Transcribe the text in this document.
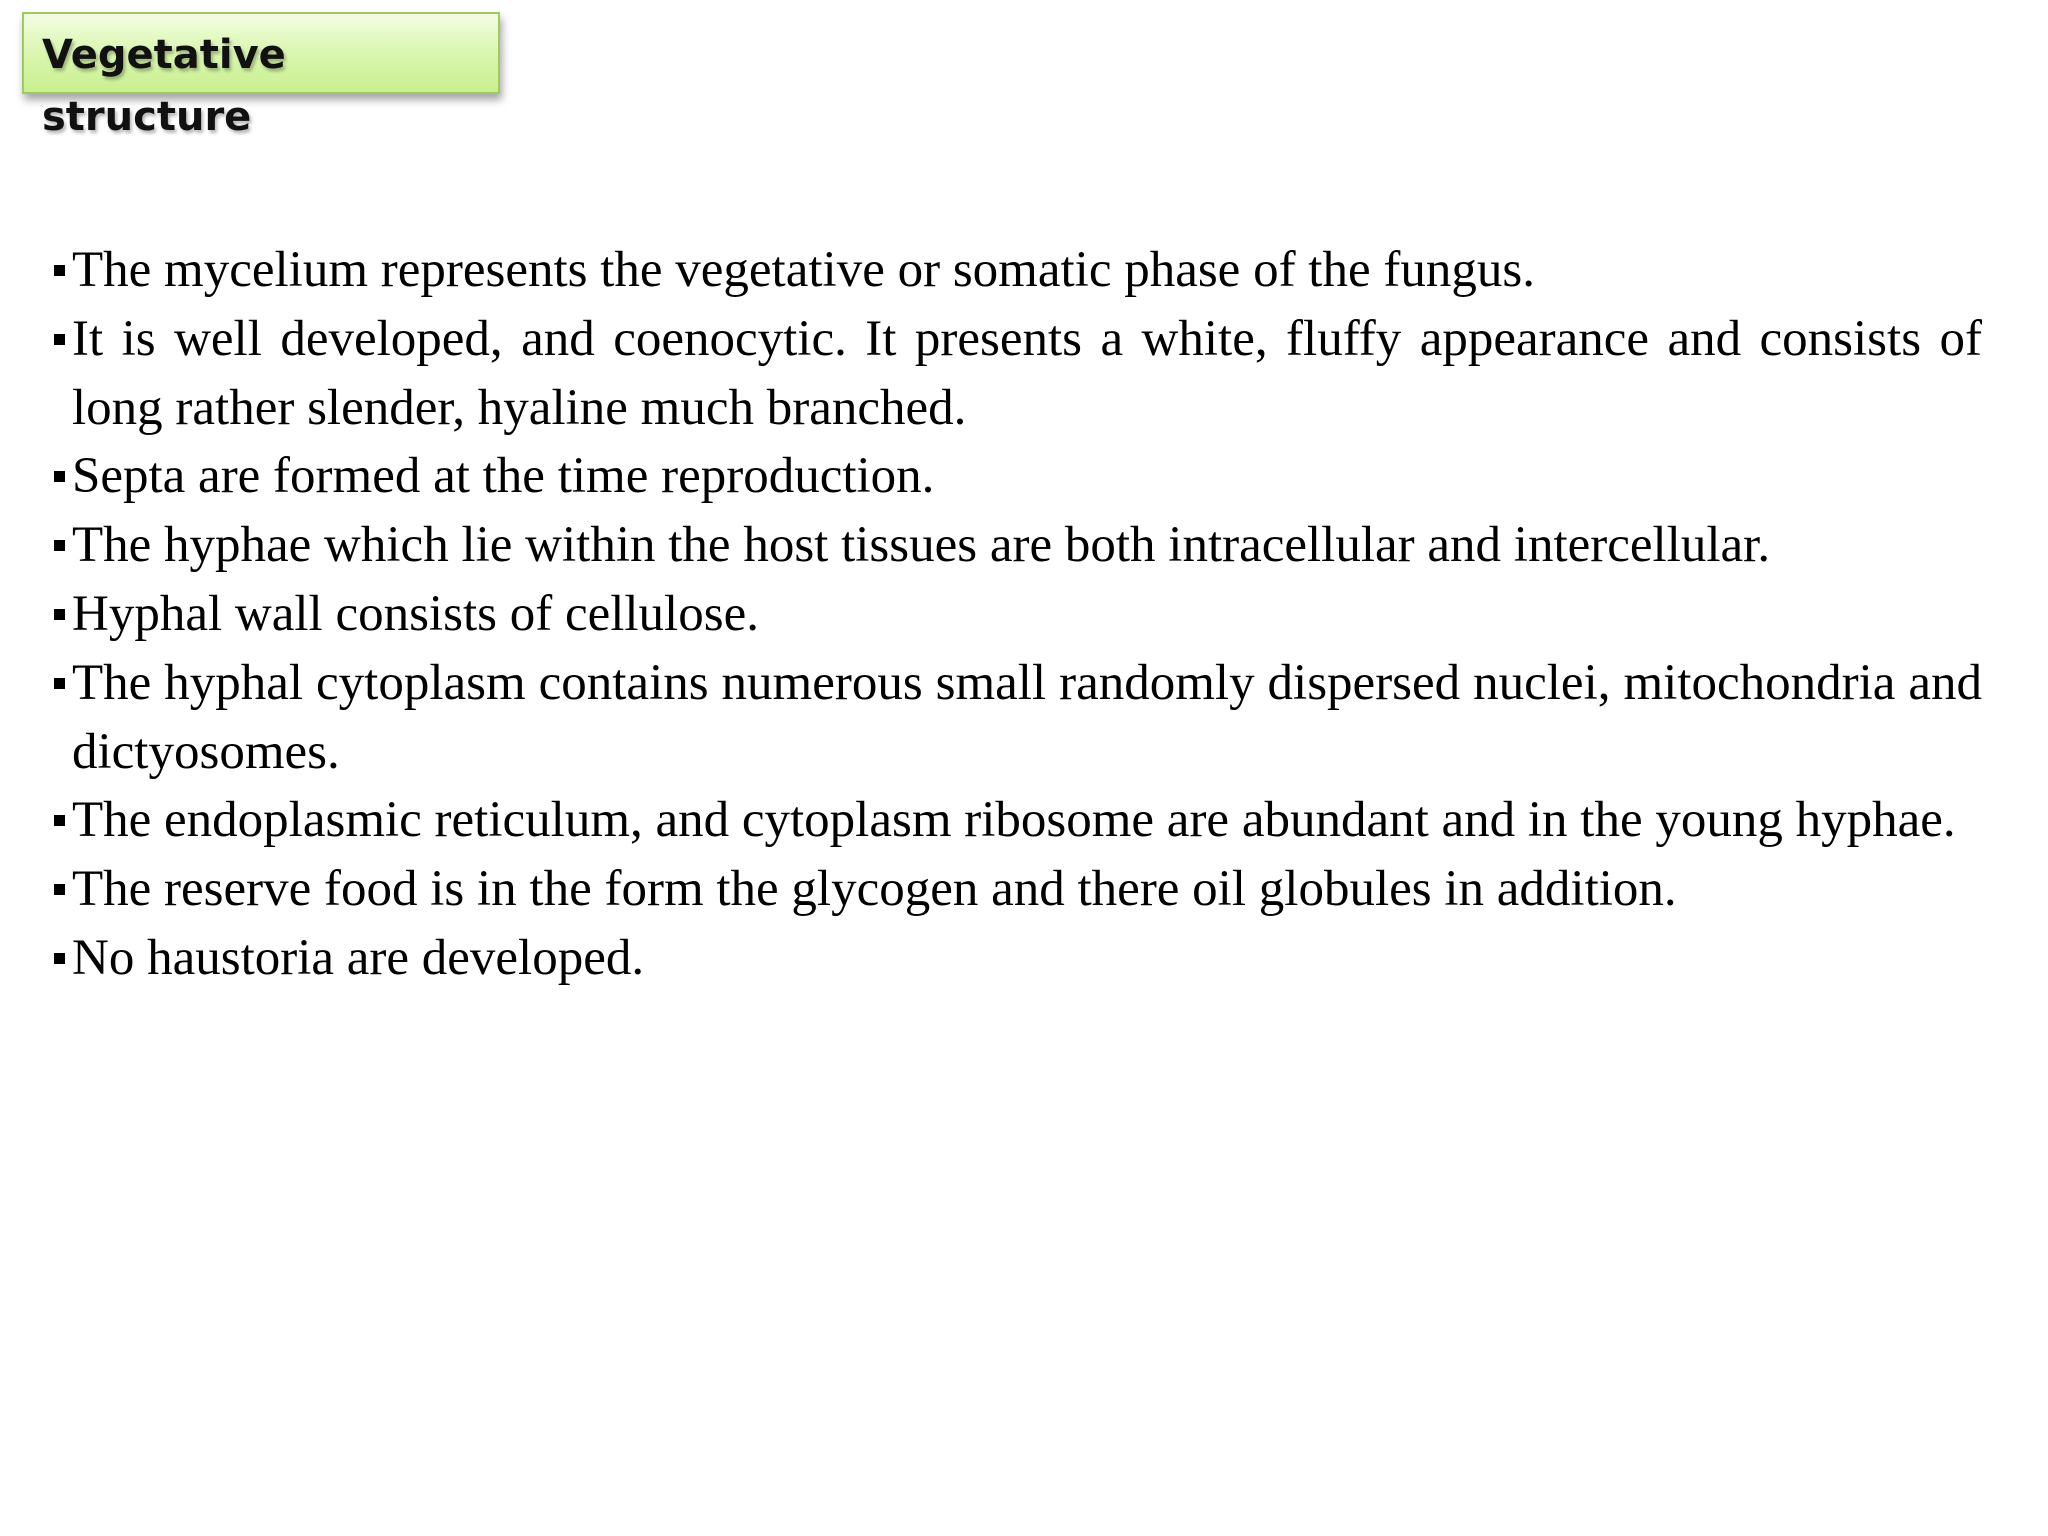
Vegetative structure
The mycelium represents the vegetative or somatic phase of the fungus.
It is well developed, and coenocytic. It presents a white, fluffy appearance and consists of long rather slender, hyaline much branched.
Septa are formed at the time reproduction.
The hyphae which lie within the host tissues are both intracellular and intercellular.
Hyphal wall consists of cellulose.
The hyphal cytoplasm contains numerous small randomly dispersed nuclei, mitochondria and dictyosomes.
The endoplasmic reticulum, and cytoplasm ribosome are abundant and in the young hyphae.
The reserve food is in the form the glycogen and there oil globules in addition.
No haustoria are developed.
